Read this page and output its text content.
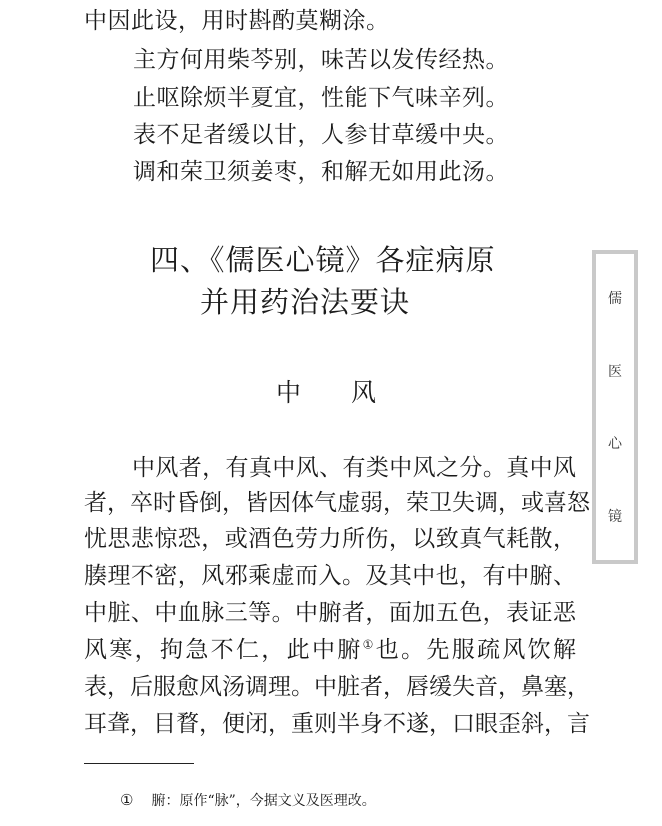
中因此设，用时斟酌莫糊涂。
主方何用柴芩别，味苦以发传经热。
止呕除烦半夏宜，性能下气味辛列。
表不足者缓以甘，人参甘草缓中央。
调和荣卫须姜枣，和解无如用此汤。
四、《儒医心镜》各症病原
并用药治法要诀
中　　风
中风者，有真中风、有类中风之分。真中风
者，卒时昏倒，皆因体气虚弱，荣卫失调，或喜怒
忧思悲惊恐，或酒色劳力所伤，以致真气耗散，
腠理不密，风邪乘虚而入。及其中也，有中腑、
中脏、中血脉三等。中腑者，面加五色，表证恶
风寒，拘急不仁，此中腑①也。先服疏风饮解
表，后服愈风汤调理。中脏者，唇缓失音，鼻塞，
耳聋，目瞀，便闭，重则半身不遂，口眼歪斜，言
① 腑：原作“脉”，今据文义及医理改。
儒
医
心
镜
